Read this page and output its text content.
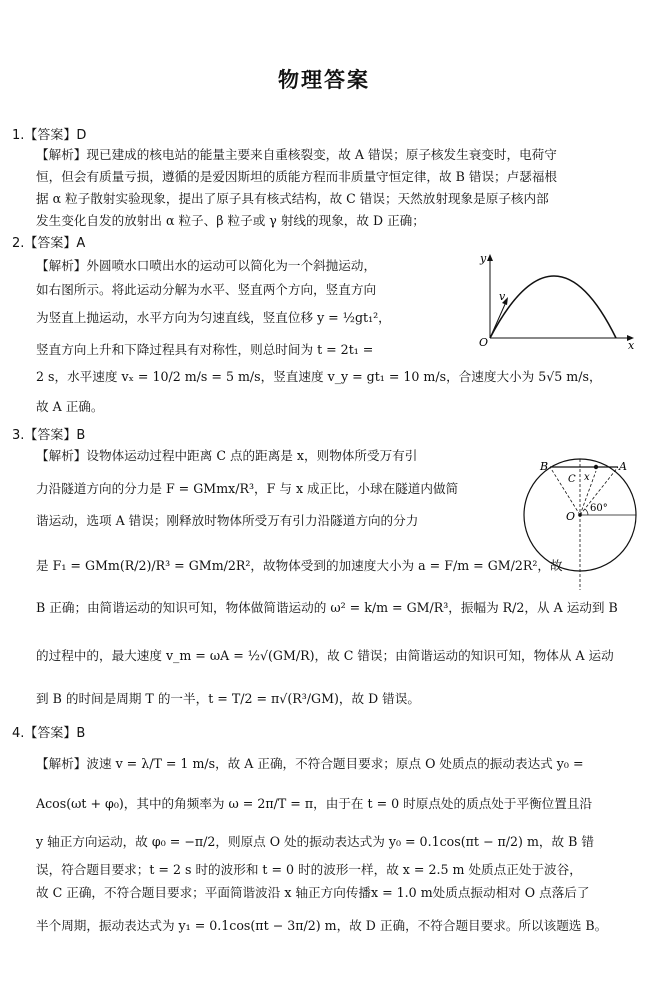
物理答案
1.【答案】D
【解析】现已建成的核电站的能量主要来自重核裂变，故 A 错误；原子核发生衰变时，电荷守
恒，但会有质量亏损，遵循的是爱因斯坦的质能方程而非质量守恒定律，故 B 错误；卢瑟福根
据 α 粒子散射实验现象，提出了原子具有核式结构，故 C 错误；天然放射现象是原子核内部
发生变化自发的放射出 α 粒子、β 粒子或 γ 射线的现象，故 D 正确；
2.【答案】A
【解析】外圆喷水口喷出水的运动可以简化为一个斜抛运动，
如右图所示。将此运动分解为水平、竖直两个方向，竖直方向
为竖直上抛运动，水平方向为匀速直线，竖直位移 y = ½gt₁²，
竖直方向上升和下降过程具有对称性，则总时间为 t = 2t₁ =
2 s，水平速度 vₓ = 10/2 m/s = 5 m/s，竖直速度 v_y = gt₁ = 10 m/s，合速度大小为 5√5 m/s，
故 A 正确。
y
x
O
v
3.【答案】B
【解析】设物体运动过程中距离 C 点的距离是 x，则物体所受万有引
力沿隧道方向的分力是 F = GMmx/R³，F 与 x 成正比，小球在隧道内做简
谐运动，选项 A 错误；刚释放时物体所受万有引力沿隧道方向的分力
是 F₁ = GMm(R/2)/R³ = GMm/2R²，故物体受到的加速度大小为 a = F/m = GM/2R²，故
B 正确；由简谐运动的知识可知，物体做简谐运动的 ω² = k/m = GM/R³，振幅为 R/2，从 A 运动到 B
的过程中的，最大速度 v_m = ωA = ½√(GM/R)，故 C 错误；由简谐运动的知识可知，物体从 A 运动
到 B 的时间是周期 T 的一半，t = T/2 = π√(R³/GM)，故 D 错误。
B	A
C x
O
60°
4.【答案】B
【解析】波速 v = λ/T = 1 m/s，故 A 正确，不符合题目要求；原点 O 处质点的振动表达式 y₀ =
Acos(ωt + φ₀)，其中的角频率为 ω = 2π/T = π，由于在 t = 0 时原点处的质点处于平衡位置且沿
y 轴正方向运动，故 φ₀ = −π/2，则原点 O 处的振动表达式为 y₀ = 0.1cos(πt − π/2) m，故 B 错
误，符合题目要求；t = 2 s 时的波形和 t = 0 时的波形一样，故 x = 2.5 m 处质点正处于波谷，
故 C 正确，不符合题目要求；平面简谐波沿 x 轴正方向传播x = 1.0 m处质点振动相对 O 点落后了
半个周期，振动表达式为 y₁ = 0.1cos(πt − 3π/2) m，故 D 正确，不符合题目要求。所以该题选 B。
